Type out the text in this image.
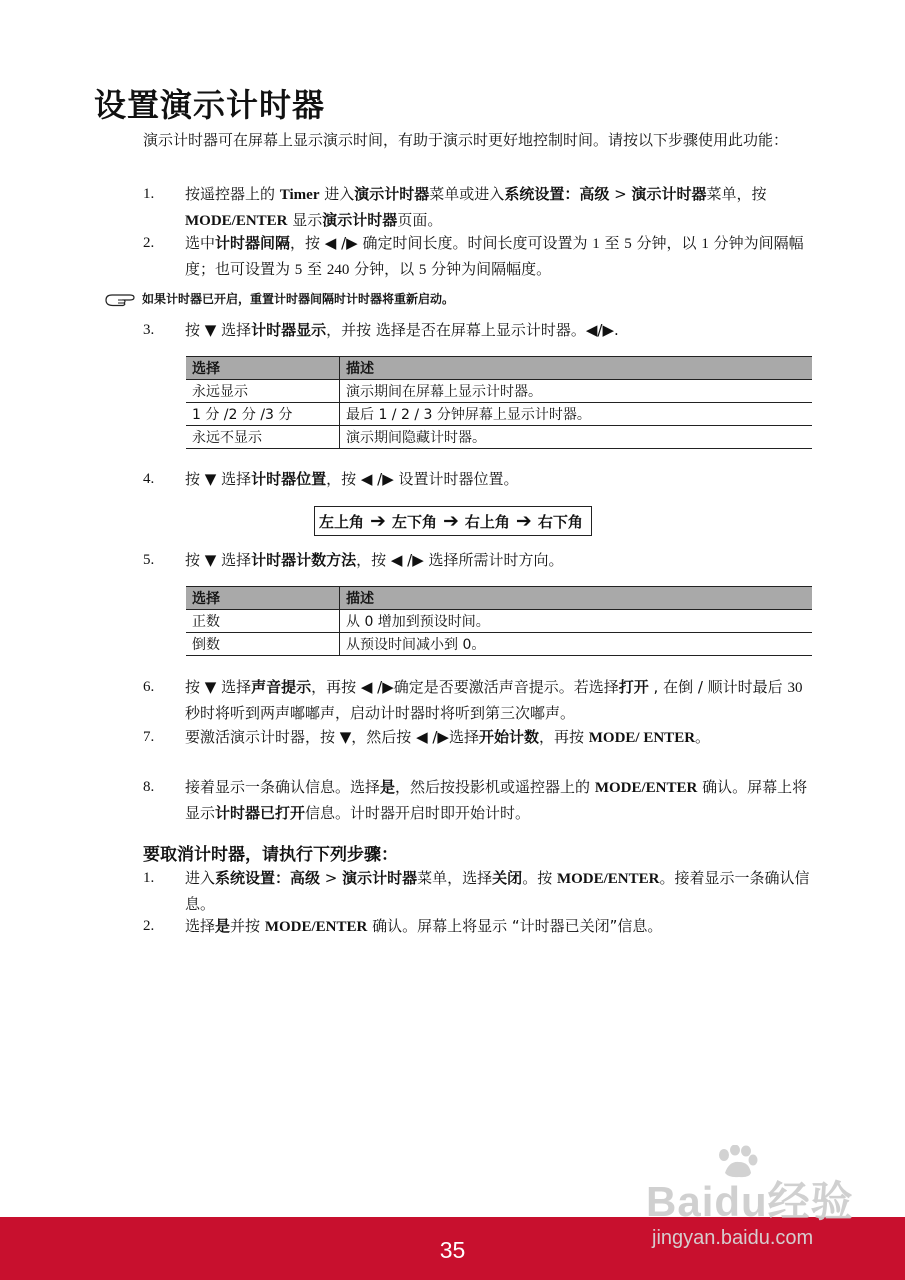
设置演示计时器
演示计时器可在屏幕上显示演示时间，有助于演示时更好地控制时间。请按以下步骤使用此功能：
1.	按遥控器上的 Timer 进入演示计时器菜单或进入系统设置：高级 > 演示计时器菜单，按 MODE/ENTER 显示演示计时器页面。
2.	选中计时器间隔，按 ◀ /▶ 确定时间长度。时间长度可设置为 1 至 5 分钟，以 1 分钟为间隔幅度；也可设置为 5 至 240 分钟，以 5 分钟为间隔幅度。
如果计时器已开启，重置计时器间隔时计时器将重新启动。
3.	按 ▼ 选择计时器显示，并按 选择是否在屏幕上显示计时器。◀/▶.
选择	描述
永远显示	演示期间在屏幕上显示计时器。
1 分 /2 分 /3 分	最后 1 / 2 / 3 分钟屏幕上显示计时器。
永远不显示	演示期间隐藏计时器。
4.	按 ▼ 选择计时器位置，按 ◀ /▶ 设置计时器位置。
左上角 ➔ 左下角 ➔ 右上角 ➔ 右下角
5.	按 ▼ 选择计时器计数方法，按 ◀ /▶ 选择所需计时方向。
选择	描述
正数	从 0 增加到预设时间。
倒数	从预设时间减小到 0。
6.	按 ▼ 选择声音提示，再按 ◀ /▶确定是否要激活声音提示。若选择打开 , 在倒 / 顺计时最后 30 秒时将听到两声嘟嘟声，启动计时器时将听到第三次嘟声。
7.	要激活演示计时器，按 ▼，然后按 ◀ /▶选择开始计数，再按 MODE/ ENTER。
8.	接着显示一条确认信息。选择是，然后按投影机或遥控器上的 MODE/ENTER 确认。屏幕上将显示计时器已打开信息。计时器开启时即开始计时。
要取消计时器，请执行下列步骤：
1.	进入系统设置：高级 > 演示计时器菜单，选择关闭。按 MODE/ENTER。接着显示一条确认信息。
2.	选择是并按 MODE/ENTER 确认。屏幕上将显示 “计时器已关闭”信息。
35
Baidu经验
jingyan.baidu.com
